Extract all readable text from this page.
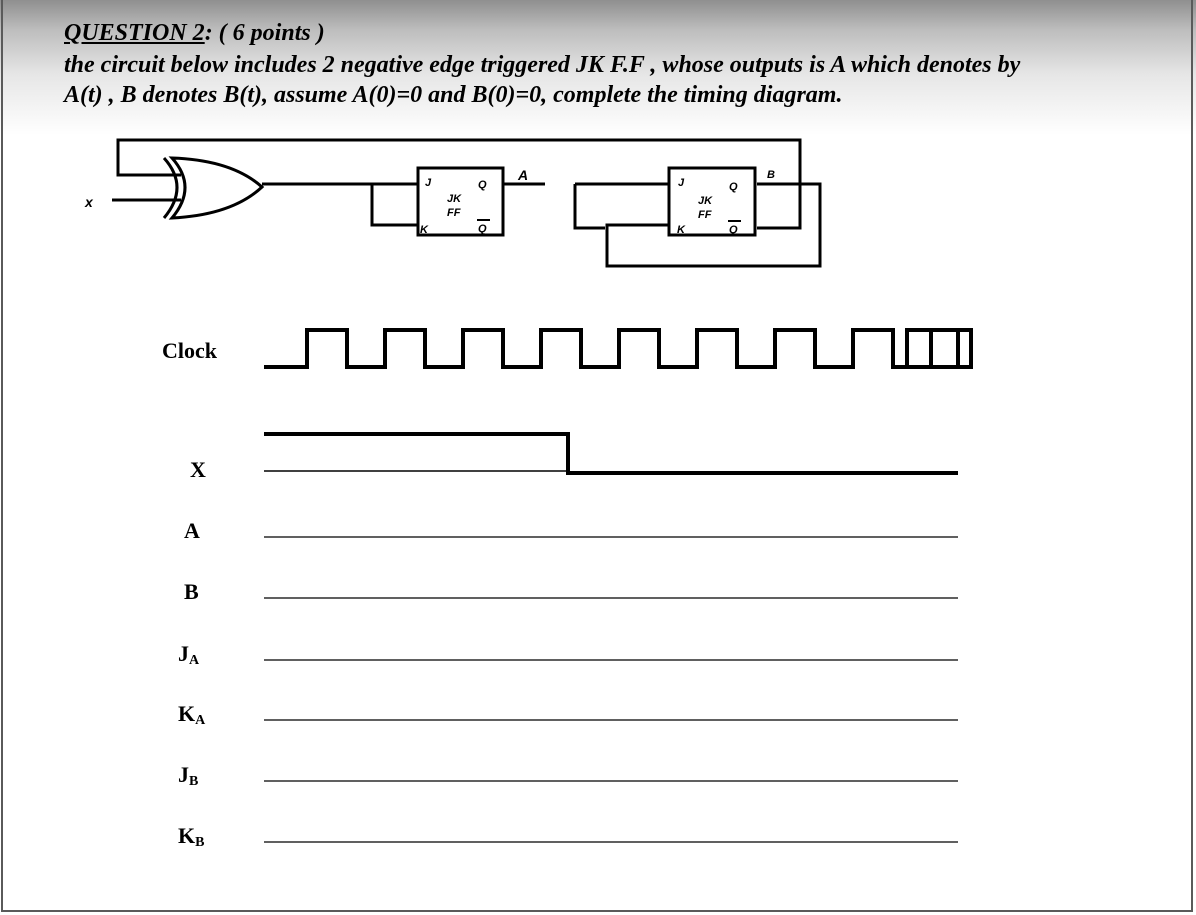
QUESTION 2: ( 6 points )
the circuit below includes 2 negative edge triggered JK F.F , whose outputs is A which denotes by
A(t) , B denotes B(t), assume A(0)=0 and B(0)=0, complete the timing diagram.
x
J
K
Q
Q
JK
FF
A	J
K
Q
Q
JK
FF
B
Clock
X
A
B
$J_A$
$K_A$
$J_B$
$K_B$
